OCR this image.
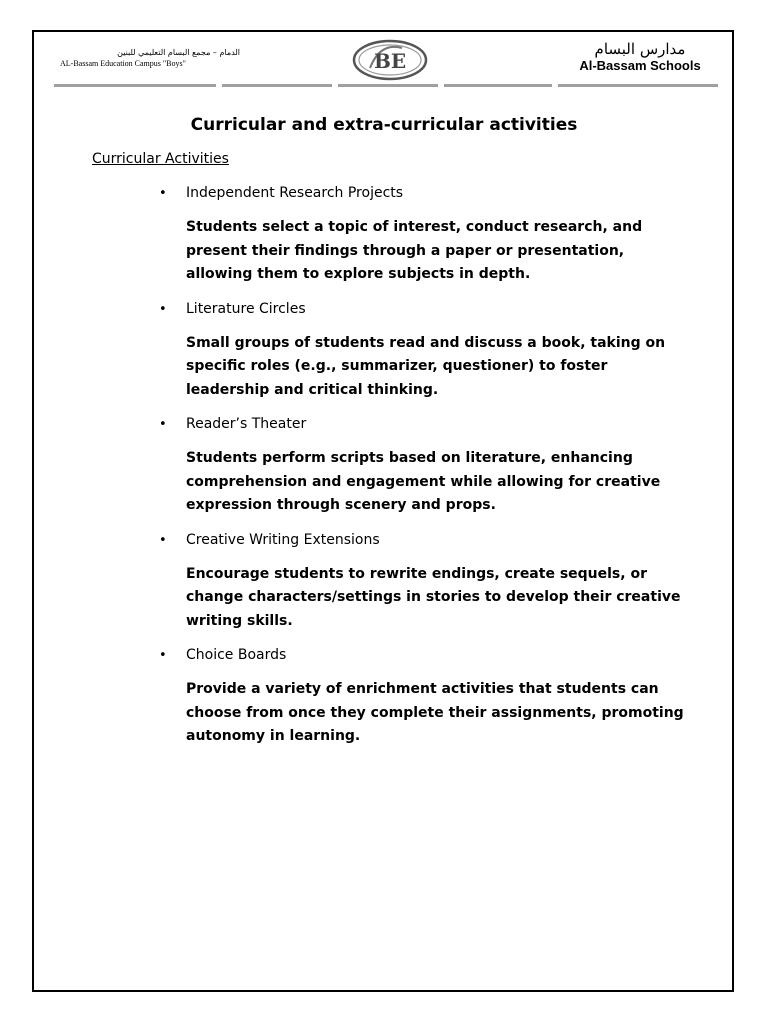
الدمام – مجمع البسام التعليمي للبنين
AL-Bassam Education Campus "Boys"	BE	مدارس البسام
Al-Bassam Schools
Curricular and extra-curricular activities
Curricular Activities
• Independent Research Projects
Students select a topic of interest, conduct research, and present their findings through a paper or presentation, allowing them to explore subjects in depth.
• Literature Circles
Small groups of students read and discuss a book, taking on specific roles (e.g., summarizer, questioner) to foster leadership and critical thinking.
• Reader’s Theater
Students perform scripts based on literature, enhancing comprehension and engagement while allowing for creative expression through scenery and props.
• Creative Writing Extensions
Encourage students to rewrite endings, create sequels, or change characters/settings in stories to develop their creative writing skills.
• Choice Boards
Provide a variety of enrichment activities that students can choose from once they complete their assignments, promoting autonomy in learning.
